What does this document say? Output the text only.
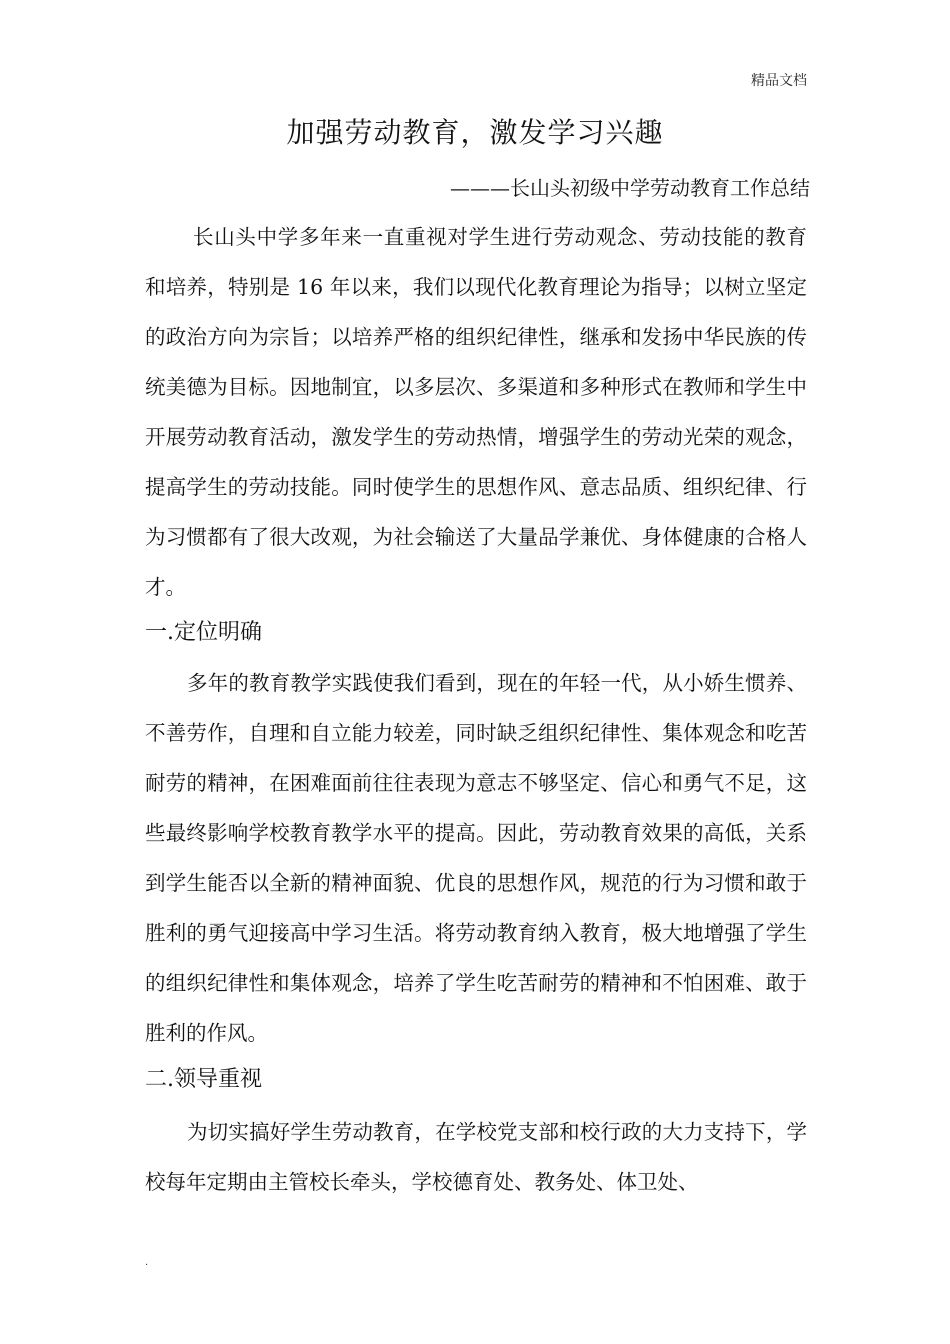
精品文档
加强劳动教育，激发学习兴趣
———长山头初级中学劳动教育工作总结
长山头中学多年来一直重视对学生进行劳动观念、劳动技能的教育和培养，特别是 16 年以来，我们以现代化教育理论为指导；以树立坚定的政治方向为宗旨；以培养严格的组织纪律性，继承和发扬中华民族的传统美德为目标。因地制宜，以多层次、多渠道和多种形式在教师和学生中开展劳动教育活动，激发学生的劳动热情，增强学生的劳动光荣的观念，提高学生的劳动技能。同时使学生的思想作风、意志品质、组织纪律、行为习惯都有了很大改观，为社会输送了大量品学兼优、身体健康的合格人才。
一.定位明确
多年的教育教学实践使我们看到，现在的年轻一代，从小娇生惯养、不善劳作，自理和自立能力较差，同时缺乏组织纪律性、集体观念和吃苦耐劳的精神，在困难面前往往表现为意志不够坚定、信心和勇气不足，这些最终影响学校教育教学水平的提高。因此，劳动教育效果的高低，关系到学生能否以全新的精神面貌、优良的思想作风，规范的行为习惯和敢于胜利的勇气迎接高中学习生活。将劳动教育纳入教育，极大地增强了学生的组织纪律性和集体观念，培养了学生吃苦耐劳的精神和不怕困难、敢于胜利的作风。
二.领导重视
为切实搞好学生劳动教育，在学校党支部和校行政的大力支持下，学校每年定期由主管校长牵头，学校德育处、教务处、体卫处、
.
